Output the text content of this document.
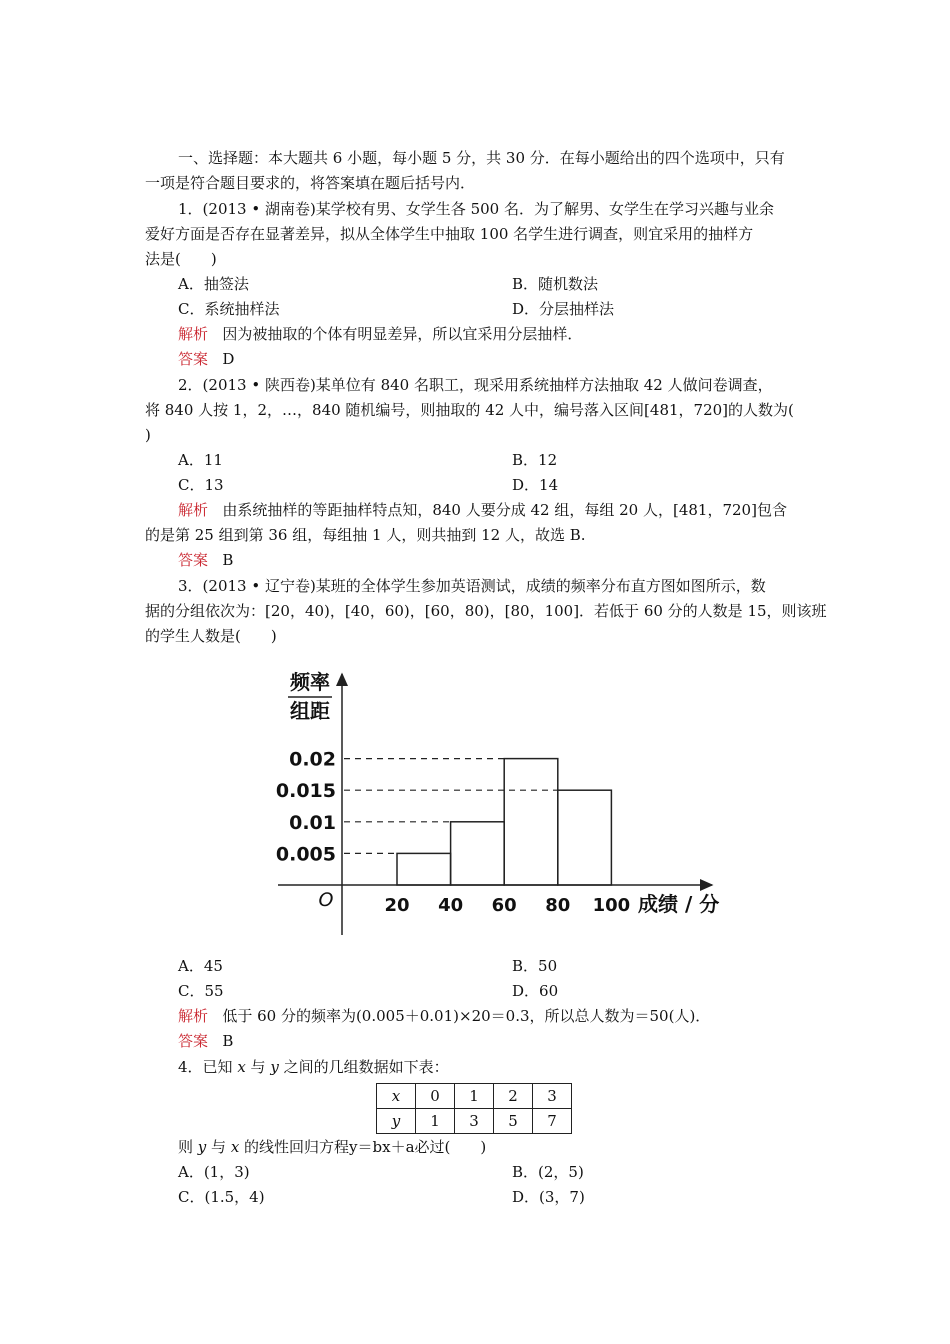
一、选择题：本大题共 6 小题，每小题 5 分，共 30 分．在每小题给出的四个选项中，只有
一项是符合题目要求的，将答案填在题后括号内．
1．(2013 • 湖南卷)某学校有男、女学生各 500 名．为了解男、女学生在学习兴趣与业余
爱好方面是否存在显著差异，拟从全体学生中抽取 100 名学生进行调查，则宜采用的抽样方
法是(　　)
A．抽签法	B．随机数法
C．系统抽样法	D．分层抽样法
解析 因为被抽取的个体有明显差异，所以宜采用分层抽样．
答案 D
2．(2013 • 陕西卷)某单位有 840 名职工，现采用系统抽样方法抽取 42 人做问卷调查，
将 840 人按 1，2，…，840 随机编号，则抽取的 42 人中，编号落入区间[481，720]的人数为(
)
A．11	B．12
C．13	D．14
解析 由系统抽样的等距抽样特点知，840 人要分成 42 组，每组 20 人，[481，720]包含
的是第 25 组到第 36 组，每组抽 1 人，则共抽到 12 人，故选 B.
答案 B
3．(2013 • 辽宁卷)某班的全体学生参加英语测试，成绩的频率分布直方图如图所示，数
据的分组依次为：[20，40)，[40，60)，[60，80)，[80，100]．若低于 60 分的人数是 15，则该班
的学生人数是(　　)
0.005
0.01
0.015
0.02
20 40 60 80 100
O
频率
组距
成绩 / 分
A．45	B．50
C．55	D．60
解析 低于 60 分的频率为(0.005＋0.01)×20＝0.3，所以总人数为＝50(人)．
答案 B
4．已知 x 与 y 之间的几组数据如下表：
x	0	1	2	3
y	1	3	5	7
则 y 与 x 的线性回归方程y＝bx＋a必过(　　)
A．(1，3)	B．(2，5)
C．(1.5，4)	D．(3，7)
